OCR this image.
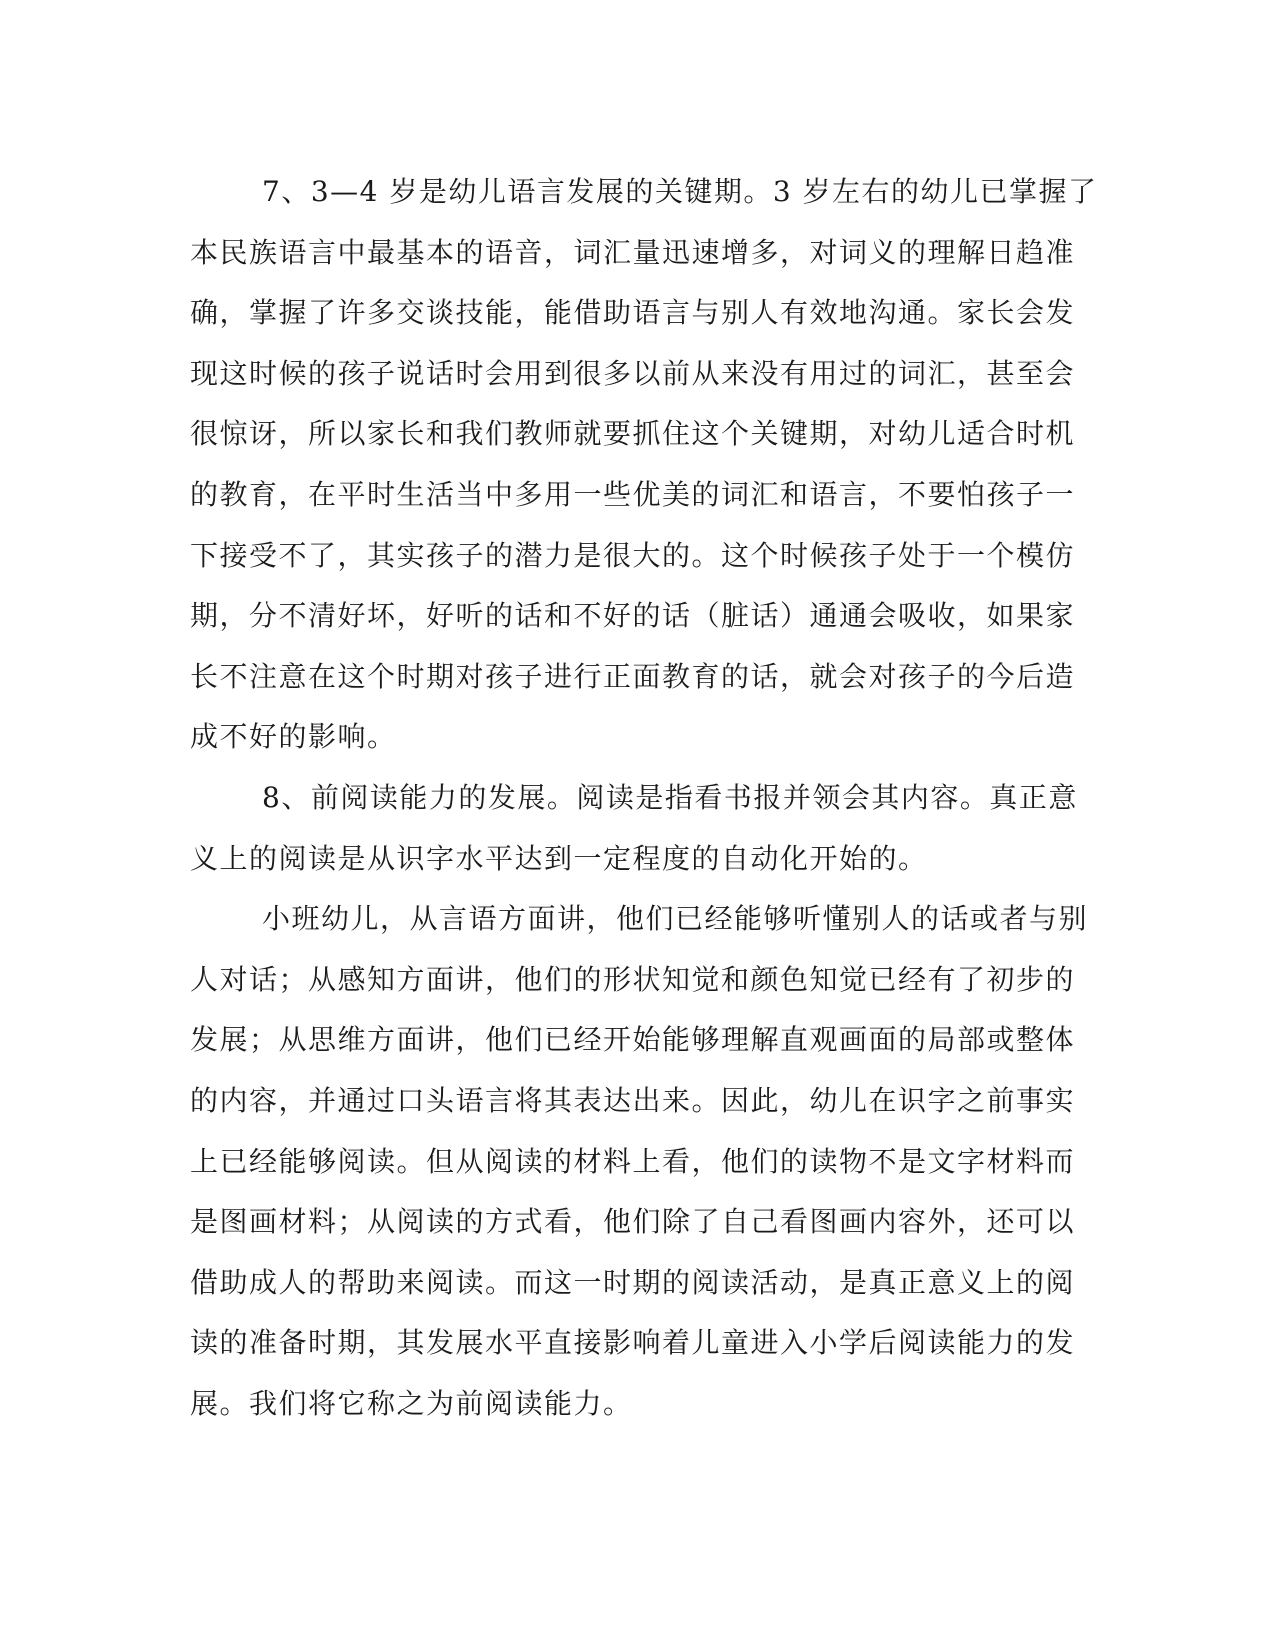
7、3—4 岁是幼儿语言发展的关键期。3 岁左右的幼儿已掌握了
本民族语言中最基本的语音，词汇量迅速增多，对词义的理解日趋准
确，掌握了许多交谈技能，能借助语言与别人有效地沟通。家长会发
现这时候的孩子说话时会用到很多以前从来没有用过的词汇，甚至会
很惊讶，所以家长和我们教师就要抓住这个关键期，对幼儿适合时机
的教育，在平时生活当中多用一些优美的词汇和语言，不要怕孩子一
下接受不了，其实孩子的潜力是很大的。这个时候孩子处于一个模仿
期，分不清好坏，好听的话和不好的话（脏话）通通会吸收，如果家
长不注意在这个时期对孩子进行正面教育的话，就会对孩子的今后造
成不好的影响。

8、前阅读能力的发展。阅读是指看书报并领会其内容。真正意
义上的阅读是从识字水平达到一定程度的自动化开始的。

小班幼儿，从言语方面讲，他们已经能够听懂别人的话或者与别
人对话；从感知方面讲，他们的形状知觉和颜色知觉已经有了初步的
发展；从思维方面讲，他们已经开始能够理解直观画面的局部或整体
的内容，并通过口头语言将其表达出来。因此，幼儿在识字之前事实
上已经能够阅读。但从阅读的材料上看，他们的读物不是文字材料而
是图画材料；从阅读的方式看，他们除了自己看图画内容外，还可以
借助成人的帮助来阅读。而这一时期的阅读活动，是真正意义上的阅
读的准备时期，其发展水平直接影响着儿童进入小学后阅读能力的发
展。我们将它称之为前阅读能力。
